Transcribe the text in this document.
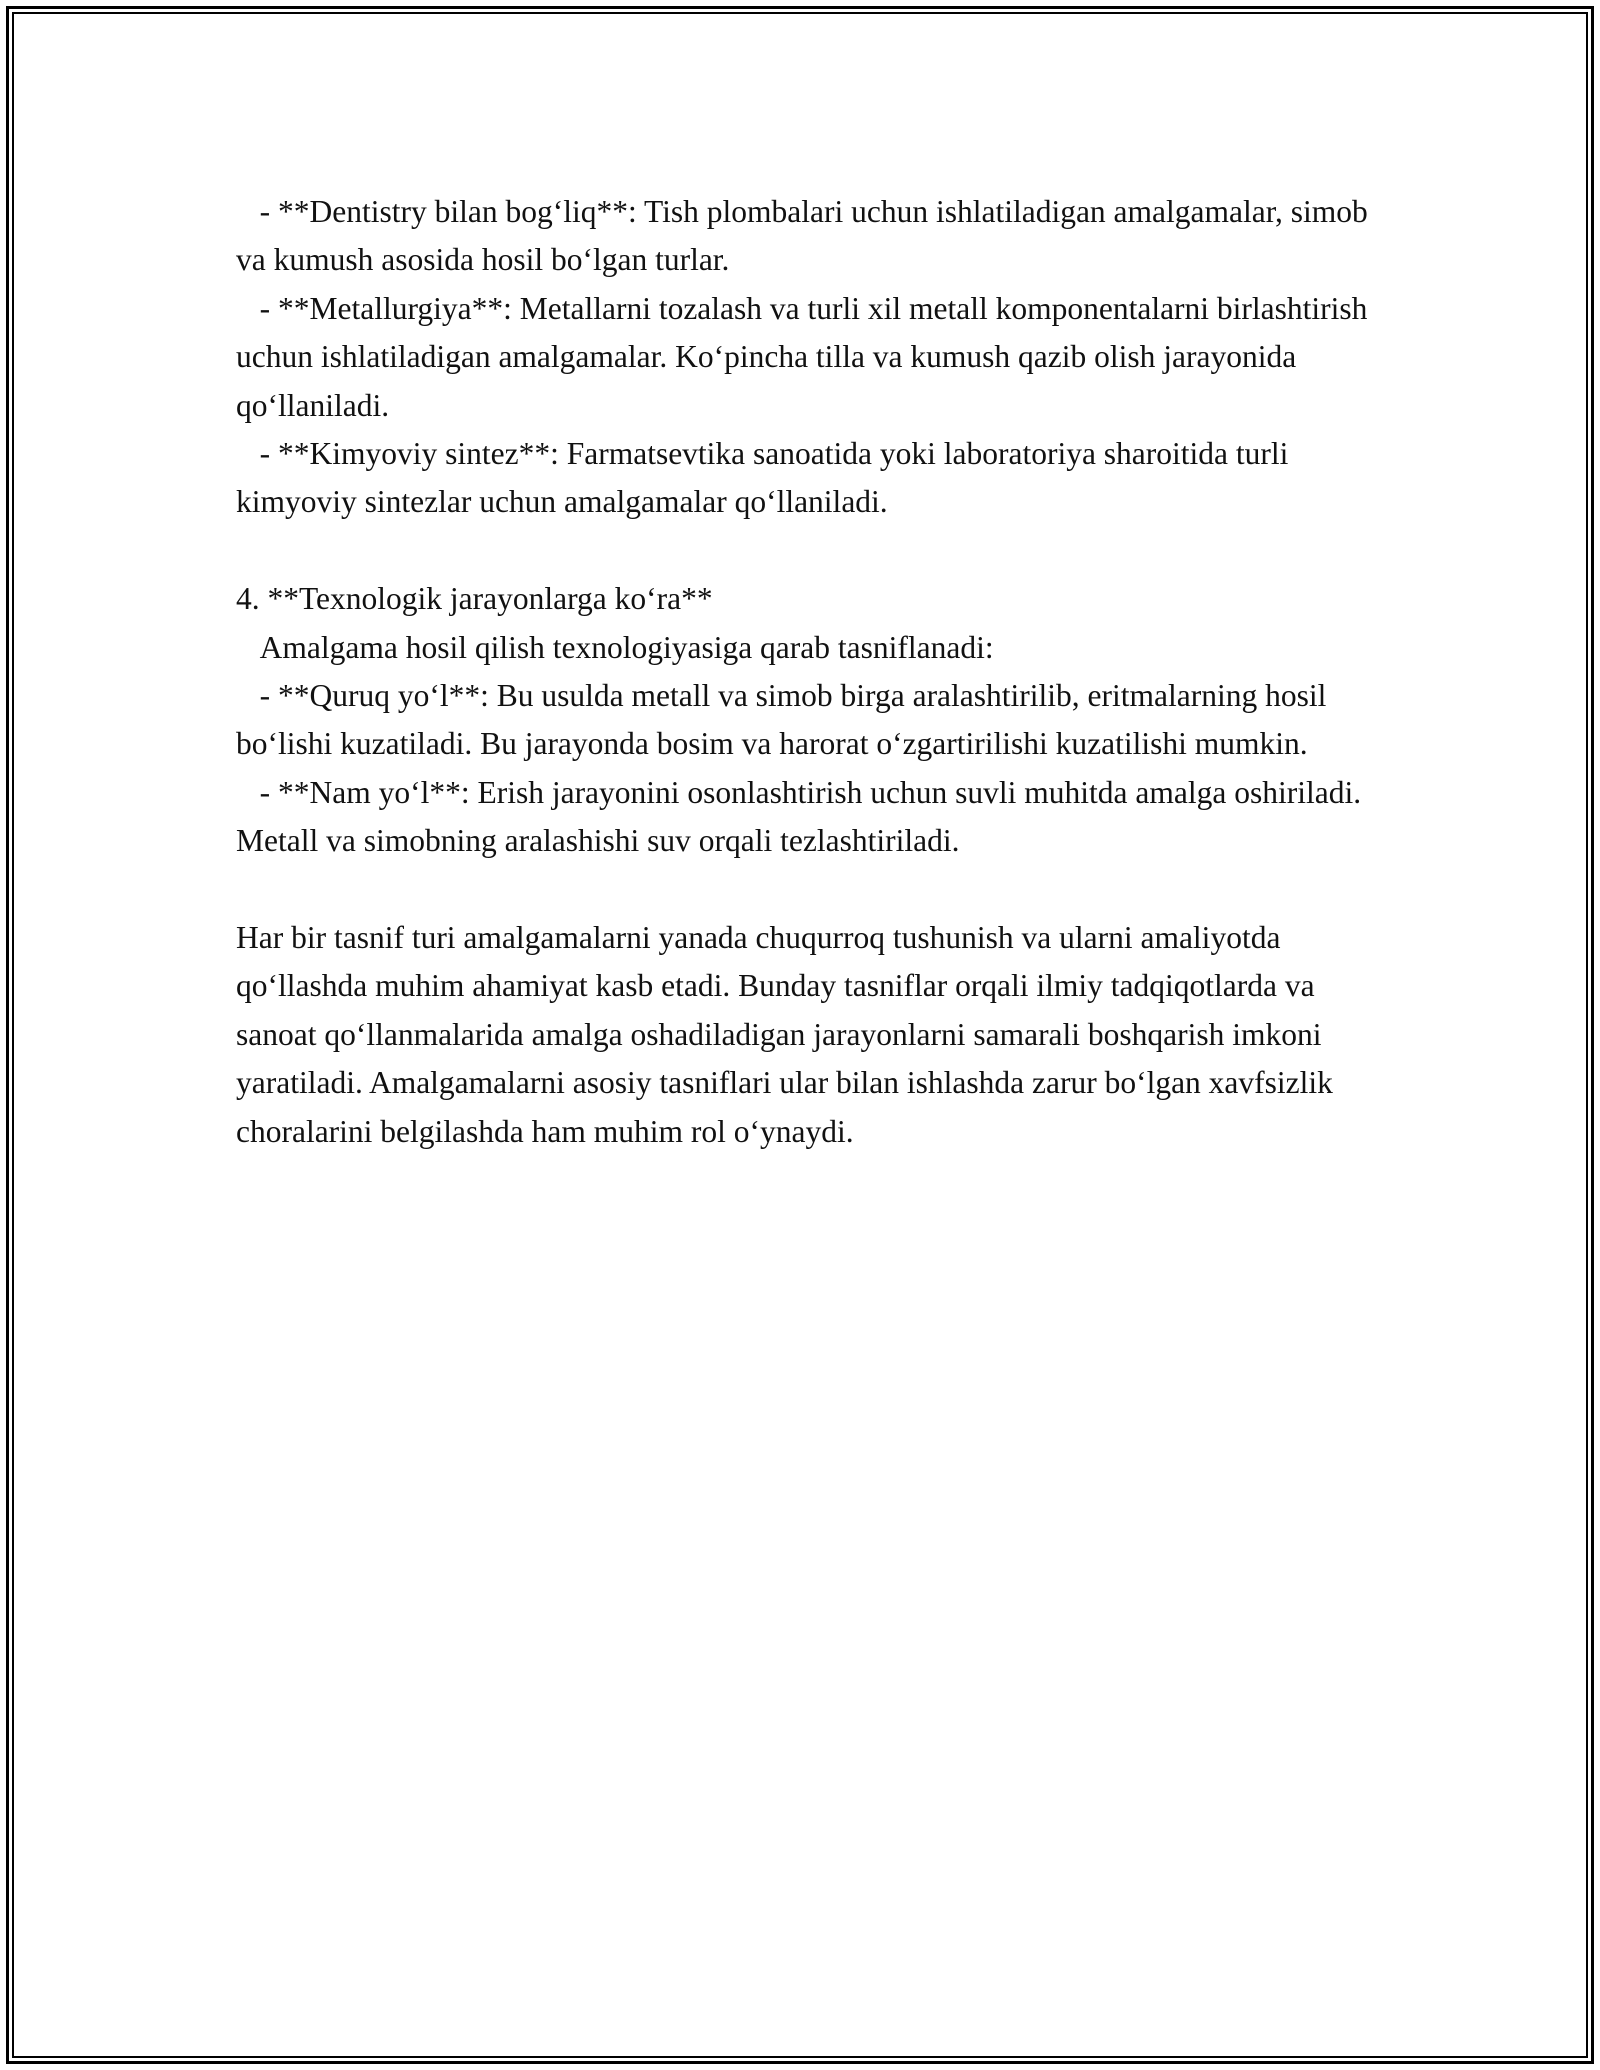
- **Dentistry bilan bog‘liq**: Tish plombalari uchun ishlatiladigan amalgamalar, simob va kumush asosida hosil bo‘lgan turlar.

- **Metallurgiya**: Metallarni tozalash va turli xil metall komponentalarni birlashtirish uchun ishlatiladigan amalgamalar. Ko‘pincha tilla va kumush qazib olish jarayonida qo‘llaniladi.

- **Kimyoviy sintez**: Farmatsevtika sanoatida yoki laboratoriya sharoitida turli kimyoviy sintezlar uchun amalgamalar qo‘llaniladi.

4. **Texnologik jarayonlarga ko‘ra**

Amalgama hosil qilish texnologiyasiga qarab tasniflanadi:

- **Quruq yo‘l**: Bu usulda metall va simob birga aralashtirilib, eritmalarning hosil bo‘lishi kuzatiladi. Bu jarayonda bosim va harorat o‘zgartirilishi kuzatilishi mumkin.

- **Nam yo‘l**: Erish jarayonini osonlashtirish uchun suvli muhitda amalga oshiriladi. Metall va simobning aralashishi suv orqali tezlashtiriladi.

Har bir tasnif turi amalgamalarni yanada chuqurroq tushunish va ularni amaliyotda qo‘llashda muhim ahamiyat kasb etadi. Bunday tasniflar orqali ilmiy tadqiqotlarda va sanoat qo‘llanmalarida amalga oshadiladigan jarayonlarni samarali boshqarish imkoni yaratiladi. Amalgamalarni asosiy tasniflari ular bilan ishlashda zarur bo‘lgan xavfsizlik choralarini belgilashda ham muhim rol o‘ynaydi.
